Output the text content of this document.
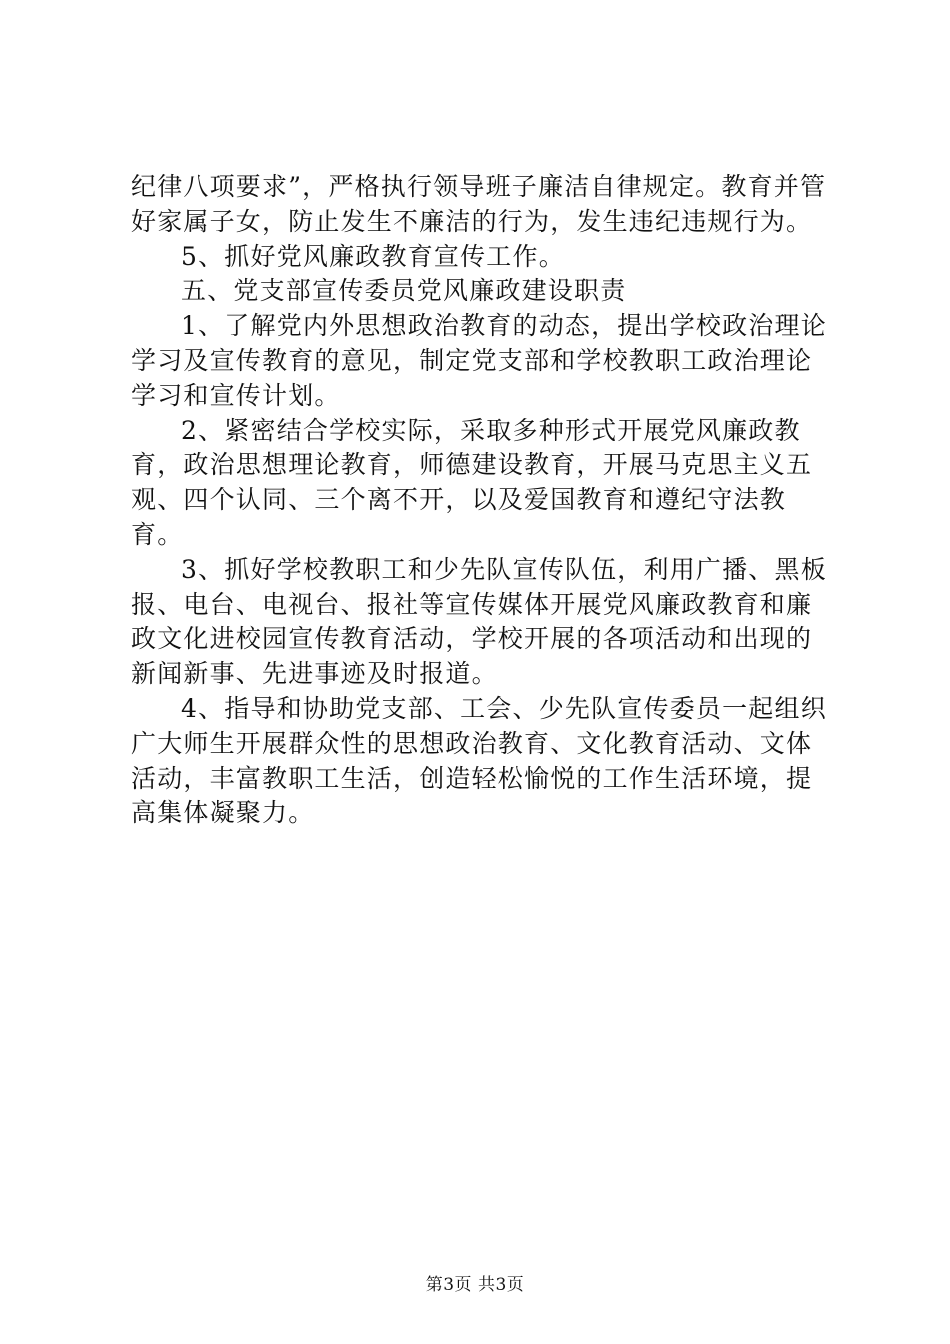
纪律八项要求”，严格执行领导班子廉洁自律规定。教育并管好家属子女，防止发生不廉洁的行为，发生违纪违规行为。

5、抓好党风廉政教育宣传工作。

五、党支部宣传委员党风廉政建设职责

1、了解党内外思想政治教育的动态，提出学校政治理论学习及宣传教育的意见，制定党支部和学校教职工政治理论学习和宣传计划。

2、紧密结合学校实际，采取多种形式开展党风廉政教育，政治思想理论教育，师德建设教育，开展马克思主义五观、四个认同、三个离不开，以及爱国教育和遵纪守法教育。

3、抓好学校教职工和少先队宣传队伍，利用广播、黑板报、电台、电视台、报社等宣传媒体开展党风廉政教育和廉政文化进校园宣传教育活动，学校开展的各项活动和出现的新闻新事、先进事迹及时报道。

4、指导和协助党支部、工会、少先队宣传委员一起组织广大师生开展群众性的思想政治教育、文化教育活动、文体活动，丰富教职工生活，创造轻松愉悦的工作生活环境，提高集体凝聚力。

第3页 共3页
